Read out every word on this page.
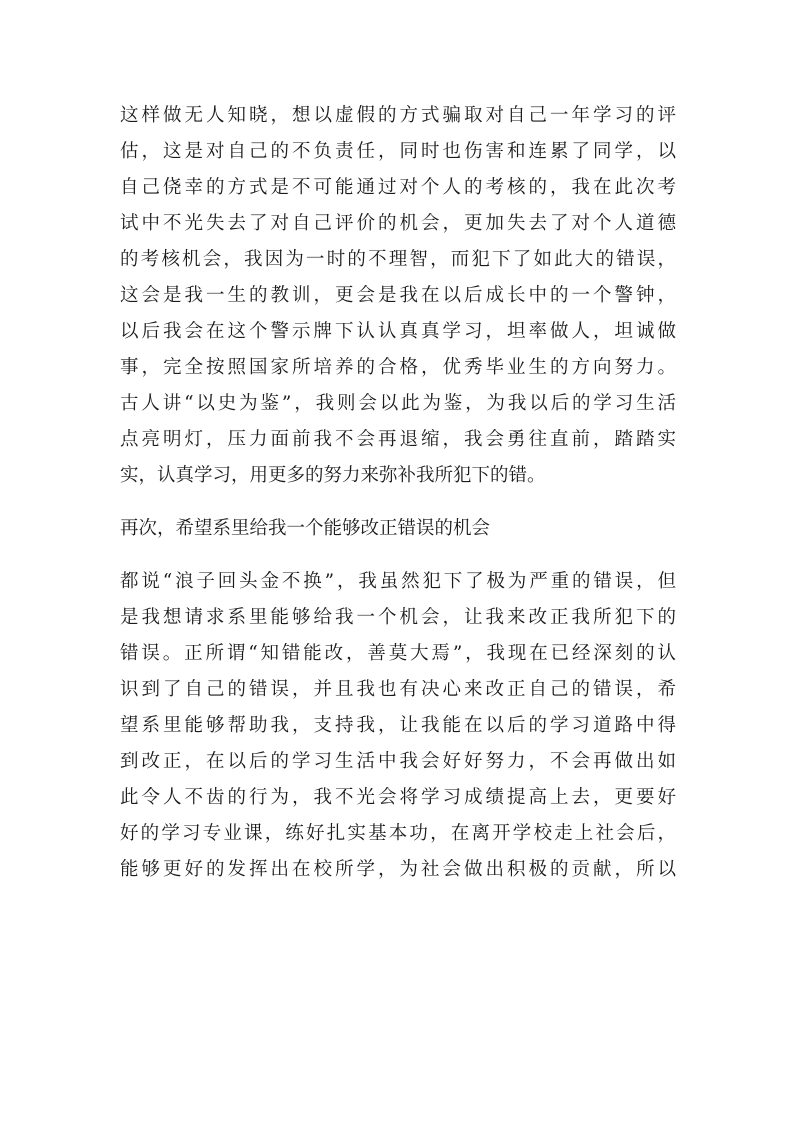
这样做无人知晓，想以虚假的方式骗取对自己一年学习的评
估，这是对自己的不负责任，同时也伤害和连累了同学，以
自己侥幸的方式是不可能通过对个人的考核的，我在此次考
试中不光失去了对自己评价的机会，更加失去了对个人道德
的考核机会，我因为一时的不理智，而犯下了如此大的错误，
这会是我一生的教训，更会是我在以后成长中的一个警钟，
以后我会在这个警示牌下认认真真学习，坦率做人，坦诚做
事，完全按照国家所培养的合格，优秀毕业生的方向努力。
古人讲“以史为鉴”，我则会以此为鉴，为我以后的学习生活
点亮明灯，压力面前我不会再退缩，我会勇往直前，踏踏实
实，认真学习，用更多的努力来弥补我所犯下的错。
再次，希望系里给我一个能够改正错误的机会
都说“浪子回头金不换”，我虽然犯下了极为严重的错误，但
是我想请求系里能够给我一个机会，让我来改正我所犯下的
错误。正所谓“知错能改，善莫大焉”，我现在已经深刻的认
识到了自己的错误，并且我也有决心来改正自己的错误，希
望系里能够帮助我，支持我，让我能在以后的学习道路中得
到改正，在以后的学习生活中我会好好努力，不会再做出如
此令人不齿的行为，我不光会将学习成绩提高上去，更要好
好的学习专业课，练好扎实基本功，在离开学校走上社会后，
能够更好的发挥出在校所学，为社会做出积极的贡献，所以
